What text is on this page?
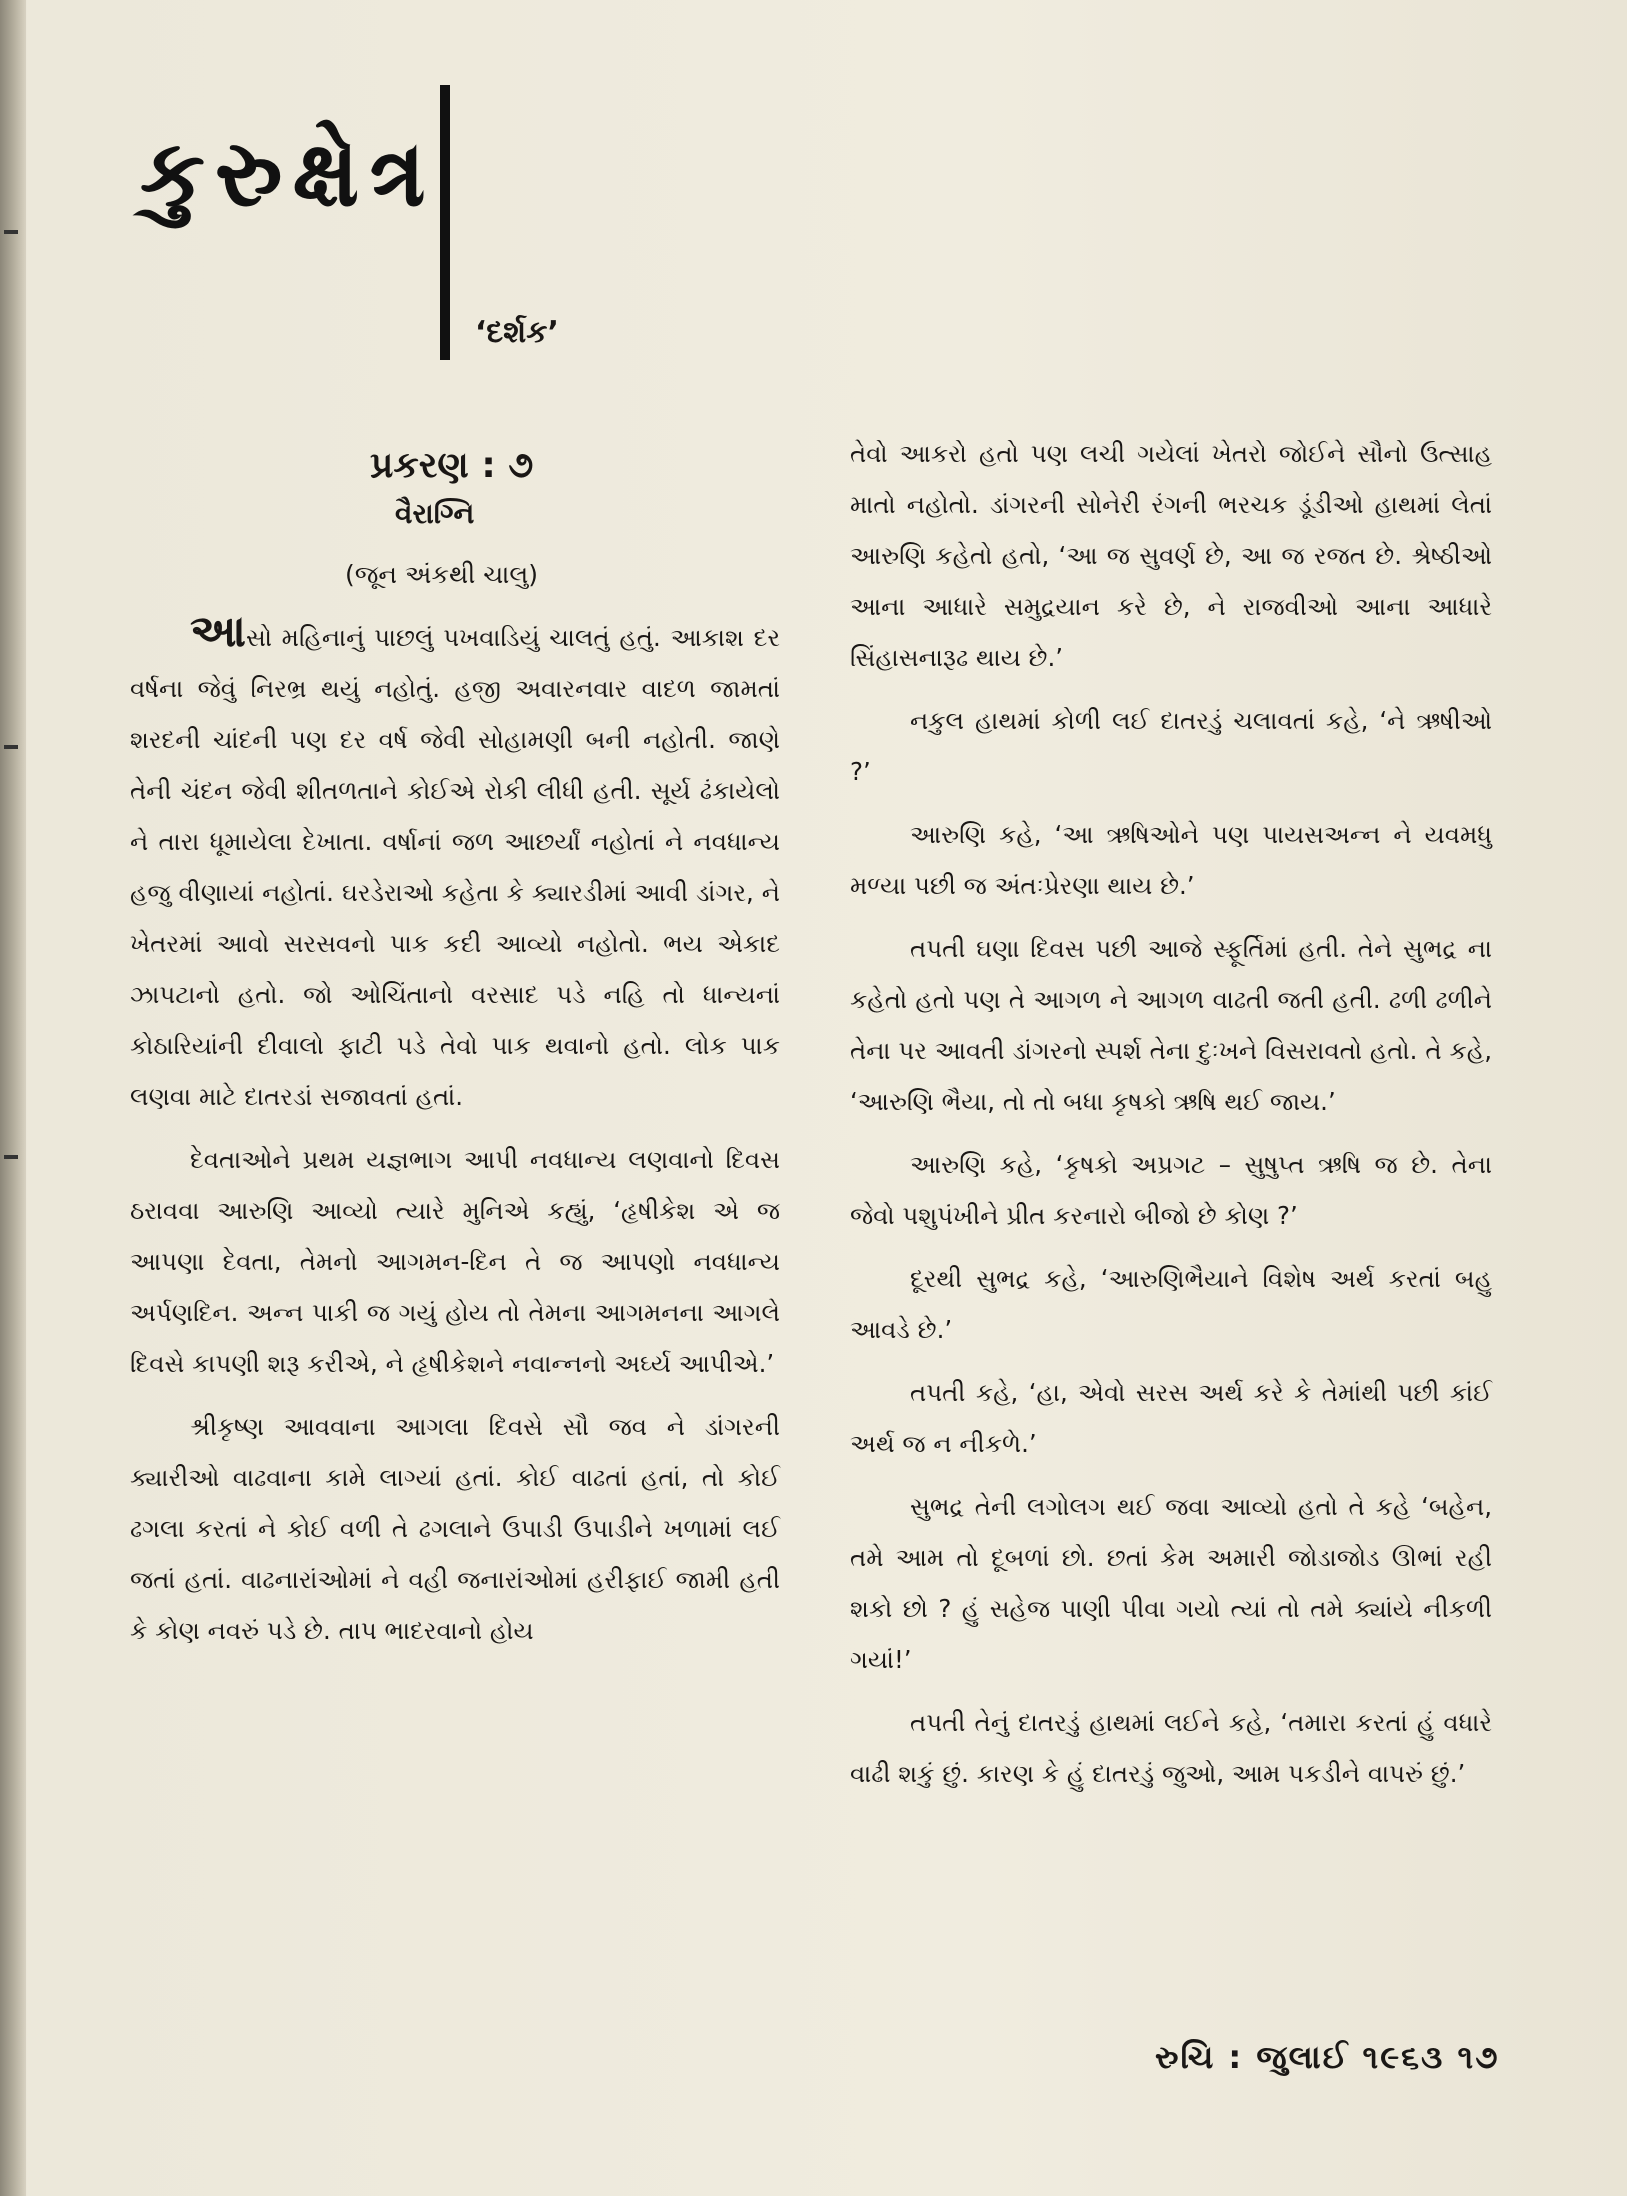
કુરુક્ષેત્ર
‘દર્શક’
પ્રકરણ : ૭
વૈરાગ્નિ
(જૂન અંકથી ચાલુ)

આસો મહિનાનું પાછલું પખવાડિયું ચાલતું હતું. આકાશ દર વર્ષના જેવું નિરભ્ર થયું નહોતું. હજી અવારનવાર વાદળ જામતાં શરદની ચાંદની પણ દર વર્ષ જેવી સોહામણી બની નહોતી. જાણે તેની ચંદન જેવી શીતળતાને કોઈએ રોકી લીધી હતી. સૂર્ય ઢંકાયેલો ને તારા ધૂમાયેલા દેખાતા. વર્ષાનાં જળ આછર્યાં નહોતાં ને નવધાન્ય હજુ વીણાયાં નહોતાં. ઘરડેરાઓ કહેતા કે ક્યારડીમાં આવી ડાંગર, ને ખેતરમાં આવો સરસવનો પાક કદી આવ્યો નહોતો. ભય એકાદ ઝાપટાનો હતો. જો ઓચિંતાનો વરસાદ પડે નહિ તો ધાન્યનાં કોઠારિયાંની દીવાલો ફાટી પડે તેવો પાક થવાનો હતો. લોક પાક લણવા માટે દાતરડાં સજાવતાં હતાં.

દેવતાઓને પ્રથમ યજ્ઞભાગ આપી નવધાન્ય લણવાનો દિવસ ઠરાવવા આરુણિ આવ્યો ત્યારે મુનિએ કહ્યું, ‘હૃષીકેશ એ જ આપણા દેવતા, તેમનો આગમન-દિન તે જ આપણો નવધાન્ય અર્પણદિન. અન્ન પાકી જ ગયું હોય તો તેમના આગમનના આગલે દિવસે કાપણી શરૂ કરીએ, ને હૃષીકેશને નવાન્નનો અર્ઘ્ય આપીએ.’

શ્રીકૃષ્ણ આવવાના આગલા દિવસે સૌ જવ ને ડાંગરની ક્યારીઓ વાઢવાના કામે લાગ્યાં હતાં. કોઈ વાઢતાં હતાં, તો કોઈ ઢગલા કરતાં ને કોઈ વળી તે ઢગલાને ઉપાડી ઉપાડીને ખળામાં લઈ જતાં હતાં. વાઢનારાંઓમાં ને વહી જનારાંઓમાં હરીફાઈ જામી હતી કે કોણ નવરું પડે છે. તાપ ભાદરવાનો હોય

તેવો આકરો હતો પણ લચી ગયેલાં ખેતરો જોઈને સૌનો ઉત્સાહ માતો નહોતો. ડાંગરની સોનેરી રંગની ભરચક ડૂંડીઓ હાથમાં લેતાં આરુણિ કહેતો હતો, ‘આ જ સુવર્ણ છે, આ જ રજત છે. શ્રેષ્ઠીઓ આના આધારે સમુદ્રયાન કરે છે, ને રાજવીઓ આના આધારે સિંહાસનારૂઢ થાય છે.’

નકુલ હાથમાં કોળી લઈ દાતરડું ચલાવતાં કહે, ‘ને ઋષીઓ ?’

આરુણિ કહે, ‘આ ઋષિઓને પણ પાયસઅન્ન ને યવમધુ મળ્યા પછી જ અંતઃપ્રેરણા થાય છે.’

તપતી ઘણા દિવસ પછી આજે સ્ફૂર્તિમાં હતી. તેને સુભદ્ર ના કહેતો હતો પણ તે આગળ ને આગળ વાઢતી જતી હતી. ઢળી ઢળીને તેના પર આવતી ડાંગરનો સ્પર્શ તેના દુઃખને વિસરાવતો હતો. તે કહે, ‘આરુણિ ભૈયા, તો તો બધા કૃષકો ઋષિ થઈ જાય.’

આરુણિ કહે, ‘કૃષકો અપ્રગટ – સુષુપ્ત ઋષિ જ છે. તેના જેવો પશુપંખીને પ્રીત કરનારો બીજો છે કોણ ?’

દૂરથી સુભદ્ર કહે, ‘આરુણિભૈયાને વિશેષ અર્થ કરતાં બહુ આવડે છે.’

તપતી કહે, ‘હા, એવો સરસ અર્થ કરે કે તેમાંથી પછી કાંઈ અર્થ જ ન નીકળે.’

સુભદ્ર તેની લગોલગ થઈ જવા આવ્યો હતો તે કહે ‘બહેન, તમે આમ તો દૂબળાં છો. છતાં કેમ અમારી જોડાજોડ ઊભાં રહી શકો છો ? હું સહેજ પાણી પીવા ગયો ત્યાં તો તમે ક્યાંયે નીકળી ગયાં!’

તપતી તેનું દાતરડું હાથમાં લઈને કહે, ‘તમારા કરતાં હું વધારે વાઢી શકું છું. કારણ કે હું દાતરડું જુઓ, આમ પકડીને વાપરું છું.’

રુચિ : જુલાઈ ૧૯૬૩ ૧૭
